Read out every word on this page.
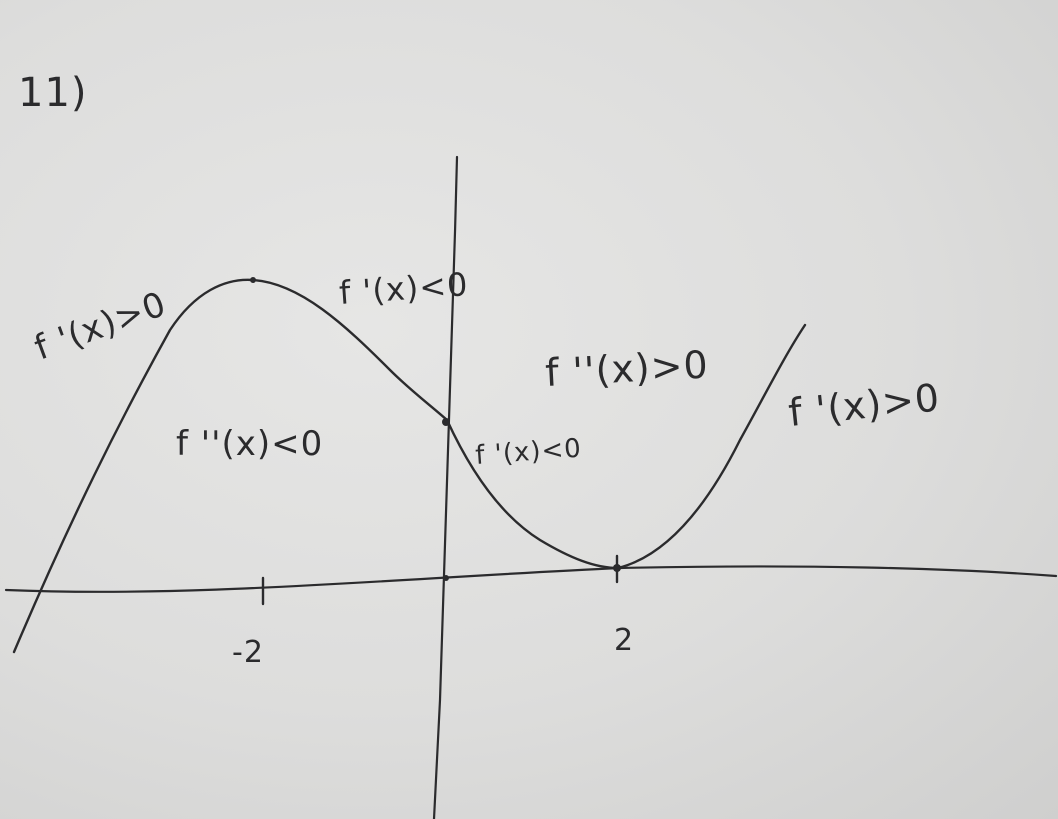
11)
-2	2
f '(x)>0	f '(x)<0
f ''(x)<0	f '(x)<0
f ''(x)>0
f '(x)>0
